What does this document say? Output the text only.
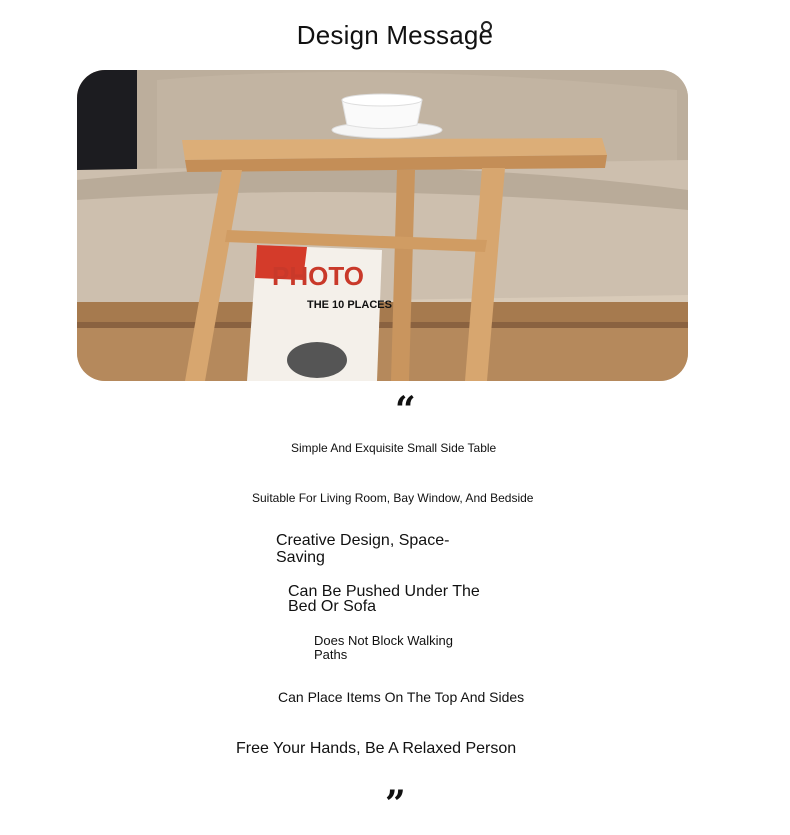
Design Message
PHOTO
THE 10 PLACES
“
Simple And Exquisite Small Side Table
Suitable For Living Room, Bay Window, And Bedside
Creative Design, Space-Saving
Can Be Pushed Under The Bed Or Sofa
Does Not Block Walking Paths
Can Place Items On The Top And Sides
Free Your Hands, Be A Relaxed Person
”
